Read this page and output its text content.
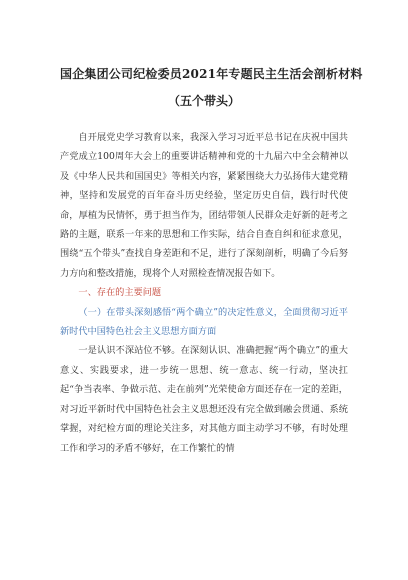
国企集团公司纪检委员2021年专题民主生活会剖析材料
（五个带头）

自开展党史学习教育以来，我深入学习习近平总书记在庆祝中国共产党成立100周年大会上的重要讲话精神和党的十九届六中全会精神以及《中华人民共和国国史》等相关内容，紧紧围绕大力弘扬伟大建党精神，坚持和发展党的百年奋斗历史经验，坚定历史自信，践行时代使命，厚植为民情怀，勇于担当作为，团结带领人民群众走好新的赶考之路的主题，联系一年来的思想和工作实际，结合自查自纠和征求意见，围绕“五个带头”查找自身差距和不足，进行了深刻剖析，明确了今后努力方向和整改措施，现将个人对照检查情况报告如下。

一、存在的主要问题

（一）在带头深刻感悟“两个确立”的决定性意义，全面贯彻习近平新时代中国特色社会主义思想方面方面

一是认识不深站位不够。在深刻认识、准确把握“两个确立”的重大意义、实践要求，进一步统一思想、统一意志、统一行动，坚决扛起“争当表率、争做示范、走在前列”光荣使命方面还存在一定的差距，对习近平新时代中国特色社会主义思想还没有完全做到融会贯通、系统掌握，对纪检方面的理论关注多，对其他方面主动学习不够，有时处理工作和学习的矛盾不够好，在工作繁忙的情
